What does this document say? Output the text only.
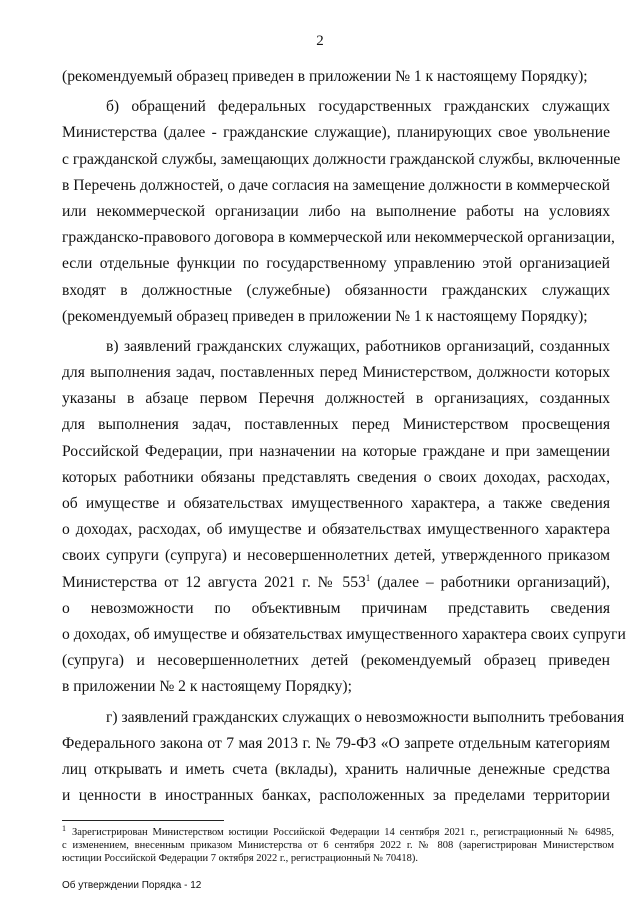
2
(рекомендуемый образец приведен в приложении № 1 к настоящему Порядку);
б) обращений федеральных государственных гражданских служащих
Министерства (далее - гражданские служащие), планирующих свое увольнение
с гражданской службы, замещающих должности гражданской службы, включенные
в Перечень должностей, о даче согласия на замещение должности в коммерческой
или некоммерческой организации либо на выполнение работы на условиях
гражданско-правового договора в коммерческой или некоммерческой организации,
если отдельные функции по государственному управлению этой организацией
входят в должностные (служебные) обязанности гражданских служащих
(рекомендуемый образец приведен в приложении № 1 к настоящему Порядку);
в) заявлений гражданских служащих, работников организаций, созданных
для выполнения задач, поставленных перед Министерством, должности которых
указаны в абзаце первом Перечня должностей в организациях, созданных
для выполнения задач, поставленных перед Министерством просвещения
Российской Федерации, при назначении на которые граждане и при замещении
которых работники обязаны представлять сведения о своих доходах, расходах,
об имуществе и обязательствах имущественного характера, а также сведения
о доходах, расходах, об имуществе и обязательствах имущественного характера
своих супруги (супруга) и несовершеннолетних детей, утвержденного приказом
Министерства от 12 августа 2021 г. № $553^1$ (далее – работники организаций),
о невозможности по объективным причинам представить сведения
о доходах, об имуществе и обязательствах имущественного характера своих супруги
(супруга) и несовершеннолетних детей (рекомендуемый образец приведен
в приложении № 2 к настоящему Порядку);
г) заявлений гражданских служащих о невозможности выполнить требования
Федерального закона от 7 мая 2013 г. № 79-ФЗ «О запрете отдельным категориям
лиц открывать и иметь счета (вклады), хранить наличные денежные средства
и ценности в иностранных банках, расположенных за пределами территории
$^1$ Зарегистрирован Министерством юстиции Российской Федерации 14 сентября 2021 г., регистрационный № 64985,
с изменением, внесенным приказом Министерства от 6 сентября 2022 г. № 808 (зарегистрирован Министерством
юстиции Российской Федерации 7 октября 2022 г., регистрационный № 70418).
Об утверждении Порядка - 12
